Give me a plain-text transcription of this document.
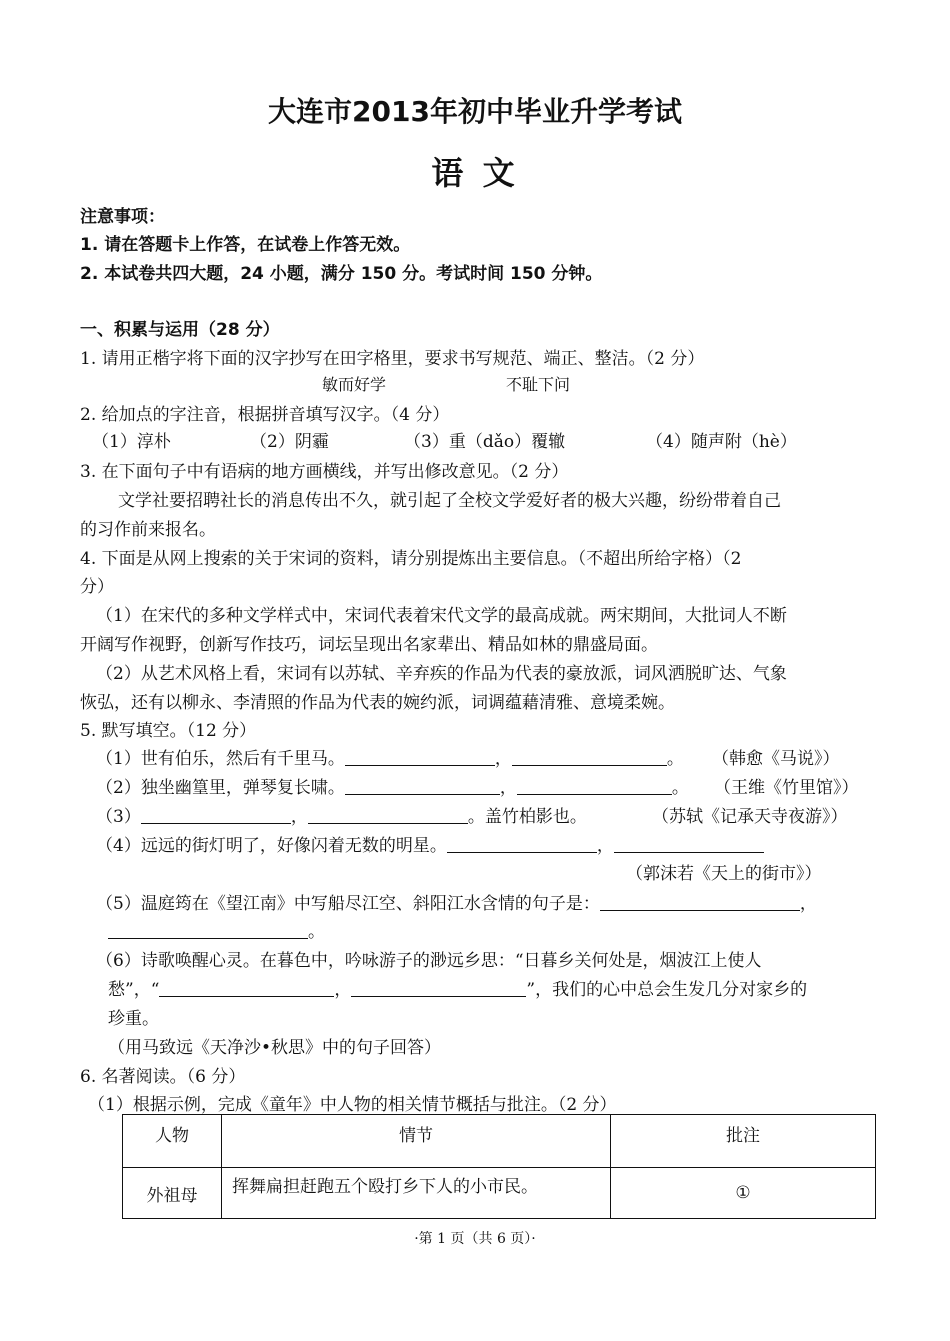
大连市2013年初中毕业升学考试
语 文
注意事项：
1. 请在答题卡上作答，在试卷上作答无效。
2. 本试卷共四大题，24 小题，满分 150 分。考试时间 150 分钟。
一、积累与运用（28 分）
1. 请用正楷字将下面的汉字抄写在田字格里，要求书写规范、端正、整洁。（2 分）
敏而好学	不耻下问
2. 给加点的字注音，根据拼音填写汉字。（4 分）
（1）淳朴	（2）阴霾	（3）重（dǎo）覆辙	（4）随声附（hè）
3. 在下面句子中有语病的地方画横线，并写出修改意见。（2 分）
文学社要招聘社长的消息传出不久，就引起了全校文学爱好者的极大兴趣，纷纷带着自己
的习作前来报名。
4. 下面是从网上搜索的关于宋词的资料，请分别提炼出主要信息。（不超出所给字格）（2
分）
（1）在宋代的多种文学样式中，宋词代表着宋代文学的最高成就。两宋期间，大批词人不断
开阔写作视野，创新写作技巧，词坛呈现出名家辈出、精品如林的鼎盛局面。
（2）从艺术风格上看，宋词有以苏轼、辛弃疾的作品为代表的豪放派，词风洒脱旷达、气象
恢弘，还有以柳永、李清照的作品为代表的婉约派，词调蕴藉清雅、意境柔婉。
5. 默写填空。（12 分）
（1）世有伯乐，然后有千里马。	，	。 （韩愈《马说》）
（2）独坐幽篁里，弹琴复长啸。	，	。 （王维《竹里馆》）
（3）	，	。盖竹柏影也。	（苏轼《记承天寺夜游》）
（4）远远的街灯明了，好像闪着无数的明星。	，
（郭沫若《天上的街市》）
（5）温庭筠在《望江南》中写船尽江空、斜阳江水含情的句子是：	，
。
（6）诗歌唤醒心灵。在暮色中，吟咏游子的渺远乡思：“日暮乡关何处是，烟波江上使人
愁”，“	，	”，我们的心中总会生发几分对家乡的
珍重。
（用马致远《天净沙•秋思》中的句子回答）
6. 名著阅读。（6 分）
（1）根据示例，完成《童年》中人物的相关情节概括与批注。（2 分）
人物	情节	批注
外祖母	挥舞扁担赶跑五个殴打乡下人的小市民。	①
·第 1 页（共 6 页）·
